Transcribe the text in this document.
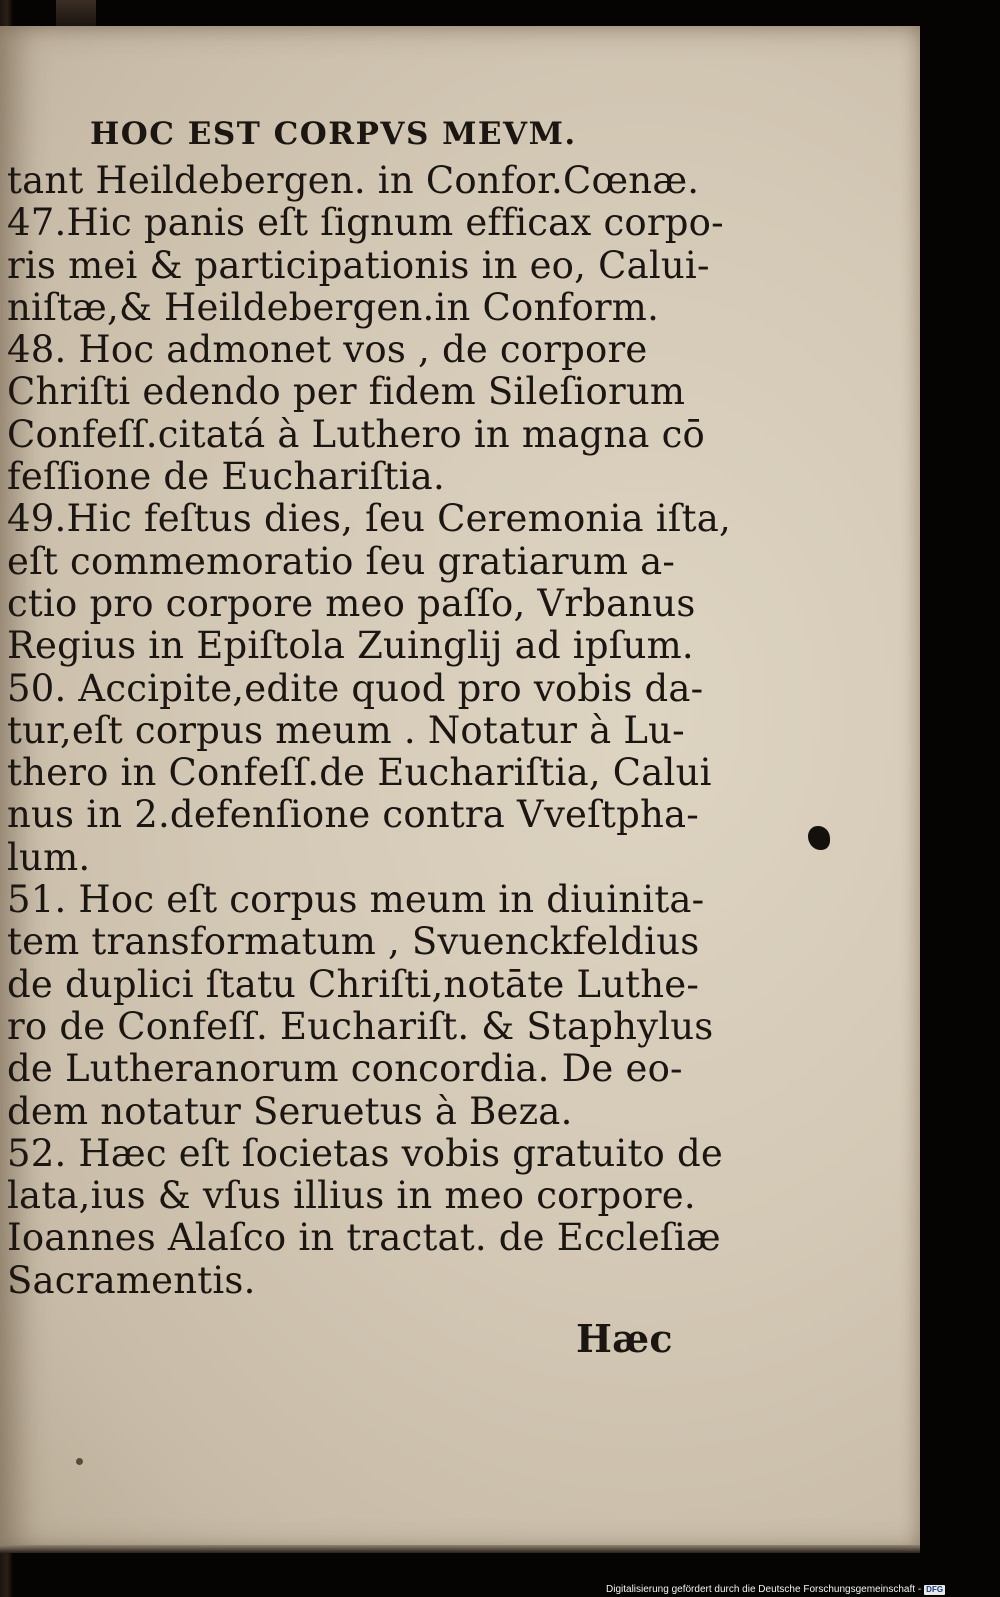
HOC EST CORPVS MEVM.
tant Heildebergen. in Confor.Cœnæ.
47.Hic panis eſt ſignum efficax corpo-
ris mei & participationis in eo, Calui-
niſtæ,& Heildebergen.in Conform.
48. Hoc admonet vos , de corpore
Chriſti edendo per fidem Sileſiorum
Confeſſ.citatá à Luthero in magna cō
feſſione de Euchariſtia.
49.Hic feſtus dies, ſeu Ceremonia iſta,
eſt commemoratio ſeu gratiarum a-
ctio pro corpore meo paſſo, Vrbanus
Regius in Epiſtola Zuinglij ad ipſum.
50. Accipite,edite quod pro vobis da-
tur,eſt corpus meum . Notatur à Lu-
thero in Confeſſ.de Euchariſtia, Calui
nus in 2.defenſione contra Vveſtpha-
lum.
51. Hoc eſt corpus meum in diuinita-
tem transformatum , Svuenckfeldius
de duplici ſtatu Chriſti,notāte Luthe-
ro de Confeſſ. Euchariſt. & Staphylus
de Lutheranorum concordia. De eo-
dem notatur Seruetus à Beza.
52. Hæc eſt ſocietas vobis gratuito de
lata,ius & vſus illius in meo corpore.
Ioannes Alaſco in tractat. de Eccleſiæ
Sacramentis.
Hæc
Digitalisierung gefördert durch die Deutsche Forschungsgemeinschaft - DFG
